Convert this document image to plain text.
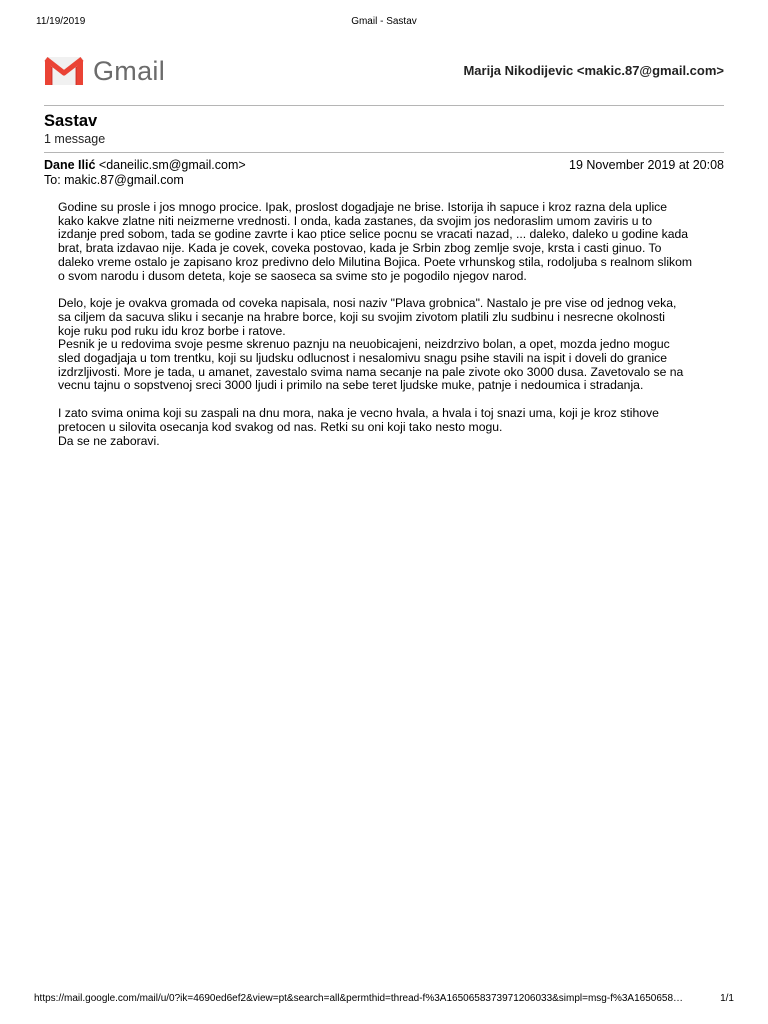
11/19/2019	Gmail - Sastav
Gmail	Marija Nikodijevic <makic.87@gmail.com>
Sastav
1 message
Dane Ilić <daneilic.sm@gmail.com>	19 November 2019 at 20:08
To: makic.87@gmail.com
Godine su prosle i jos mnogo procice. Ipak, proslost dogadjaje ne brise. Istorija ih sapuce i kroz razna dela uplice
kako kakve zlatne niti neizmerne vrednosti. I onda, kada zastanes, da svojim jos nedoraslim umom zaviris u to
izdanje pred sobom, tada se godine zavrte i kao ptice selice pocnu se vracati nazad, ... daleko, daleko u godine kada
brat, brata izdavao nije. Kada je covek, coveka postovao, kada je Srbin zbog zemlje svoje, krsta i casti ginuo. To
daleko vreme ostalo je zapisano kroz predivno delo Milutina Bojica. Poete vrhunskog stila, rodoljuba s realnom slikom
o svom narodu i dusom deteta, koje se saoseca sa svime sto je pogodilo njegov narod.
Delo, koje je ovakva gromada od coveka napisala, nosi naziv "Plava grobnica". Nastalo je pre vise od jednog veka,
sa ciljem da sacuva sliku i secanje na hrabre borce, koji su svojim zivotom platili zlu sudbinu i nesrecne okolnosti
koje ruku pod ruku idu kroz borbe i ratove.
Pesnik je u redovima svoje pesme skrenuo paznju na neuobicajeni, neizdrzivo bolan, a opet, mozda jedno moguc
sled dogadjaja u tom trentku, koji su ljudsku odlucnost i nesalomivu snagu psihe stavili na ispit i doveli do granice
izdrzljivosti. More je tada, u amanet, zavestalo svima nama secanje na pale zivote oko 3000 dusa. Zavetovalo se na
vecnu tajnu o sopstvenoj sreci 3000 ljudi i primilo na sebe teret ljudske muke, patnje i nedoumica i stradanja.
I zato svima onima koji su zaspali na dnu mora, naka je vecno hvala, a hvala i toj snazi uma, koji je kroz stihove
pretocen u silovita osecanja kod svakog od nas. Retki su oni koji tako nesto mogu.
Da se ne zaboravi.
https://mail.google.com/mail/u/0?ik=4690ed6ef2&view=pt&search=all&permthid=thread-f%3A1650658373971206033&simpl=msg-f%3A1650658…	1/1
